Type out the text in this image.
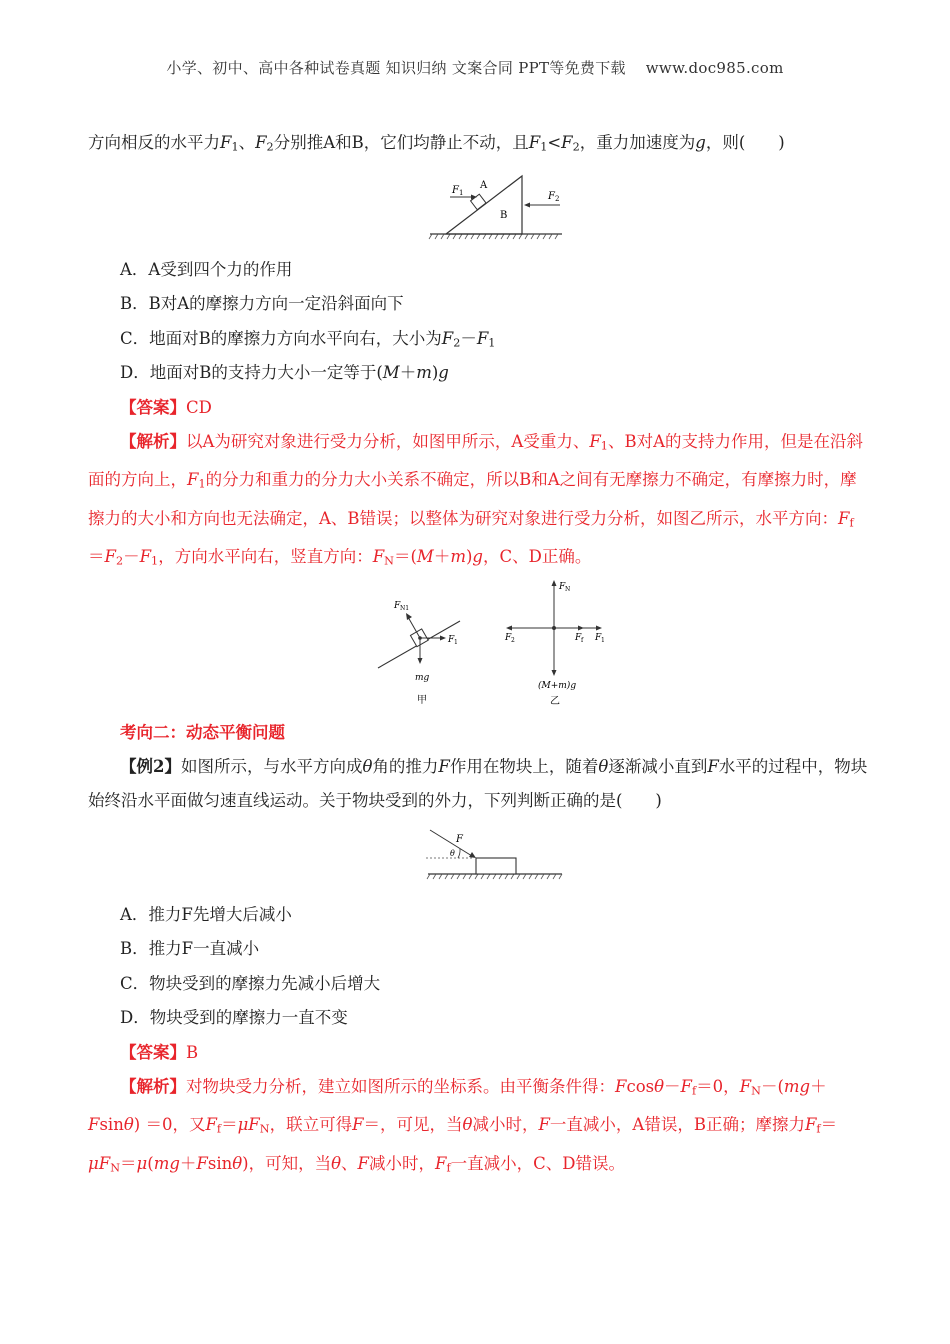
小学、初中、高中各种试卷真题 知识归纳 文案合同 PPT等免费下载 www.doc985.com
方向相反的水平力$F_1$、$F_2$分别推A和B，它们均静止不动，且$F_1<F_2$，重力加速度为g，则(　　)
F 1
A
B
F 2
A．A受到四个力的作用
B．B对A的摩擦力方向一定沿斜面向下
C．地面对B的摩擦力方向水平向右，大小为$F_2-F_1$
D．地面对B的支持力大小一定等于(M＋m)g
【答案】CD
【解析】以A为研究对象进行受力分析，如图甲所示，A受重力、$F_1$、B对A的支持力作用，但是在沿斜面的方向上，$F_1$的分力和重力的分力大小关系不确定，所以B和A之间有无摩擦力不确定，有摩擦力时，摩擦力的大小和方向也无法确定，A、B错误；以整体为研究对象进行受力分析，如图乙所示，水平方向：$F_f=F_2-F_1$，方向水平向右，竖直方向：$F_N=(M+m)g$，C、D正确。
F N1
F 1
mg
甲
F N
F 2	F f F 1
(M+m)g
乙
考向二：动态平衡问题
【例2】如图所示，与水平方向成θ角的推力F作用在物块上，随着θ逐渐减小直到F水平的过程中，物块始终沿水平面做匀速直线运动。关于物块受到的外力，下列判断正确的是(　　)
F
θ
A．推力F先增大后减小
B．推力F一直减小
C．物块受到的摩擦力先减小后增大
D．物块受到的摩擦力一直不变
【答案】B
【解析】对物块受力分析，建立如图所示的坐标系。由平衡条件得：$Fcos\theta-F_f=0$，$F_N-(mg+Fsin\theta) =0$，又$F_f=\mu F_N$，联立可得F＝，可见，当θ减小时，F一直减小，A错误，B正确；摩擦力$F_f=\mu F_N=\mu(mg+Fsin\theta)$，可知，当θ、F减小时，$F_f$一直减小，C、D错误。
